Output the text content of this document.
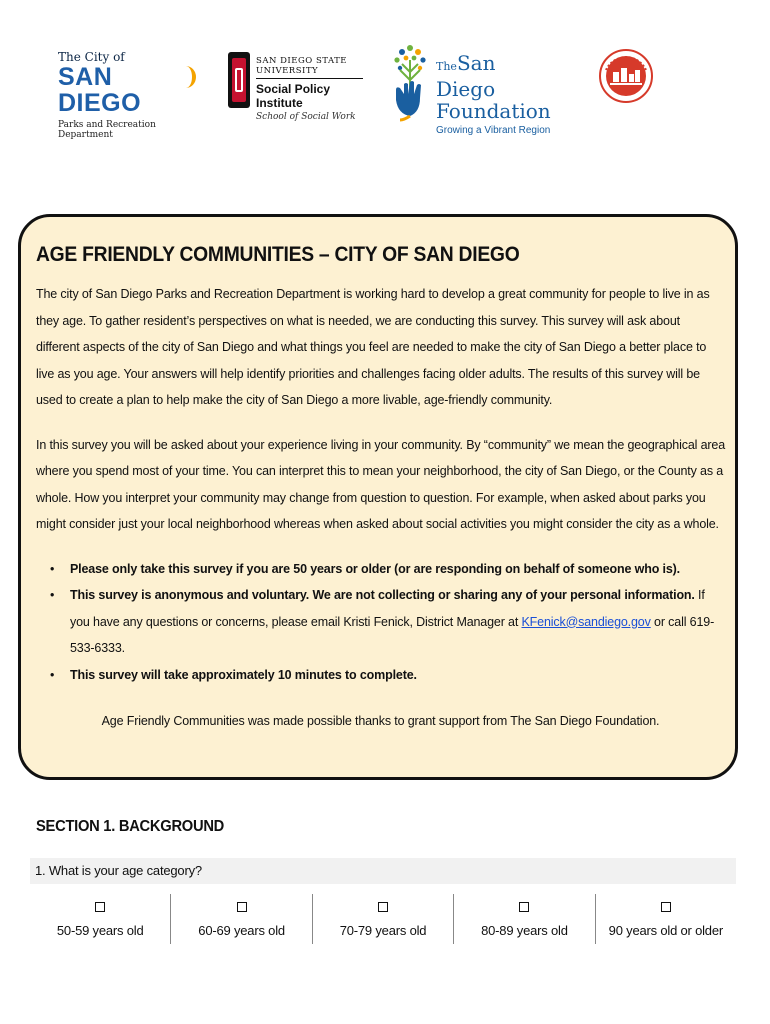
The City of
SAN DIEGO
Parks and Recreation Department
SAN DIEGO STATE UNIVERSITY
Social Policy Institute
School of Social Work
TheSan Diego
Foundation
Growing a Vibrant Region
AGE FRIENDLY COMMUNITIES – CITY OF SAN DIEGO

The city of San Diego Parks and Recreation Department is working hard to develop a great community for people to live in as they age. To gather resident’s perspectives on what is needed, we are conducting this survey. This survey will ask about different aspects of the city of San Diego and what things you feel are needed to make the city of San Diego a better place to live as you age. Your answers will help identify priorities and challenges facing older adults. The results of this survey will be used to create a plan to help make the city of San Diego a more livable, age-friendly community.

In this survey you will be asked about your experience living in your community. By “community” we mean the geographical area where you spend most of your time. You can interpret this to mean your neighborhood, the city of San Diego, or the County as a whole. How you interpret your community may change from question to question. For example, when asked about parks you might consider just your local neighborhood whereas when asked about social activities you might consider the city as a whole.

• Please only take this survey if you are 50 years or older (or are responding on behalf of someone who is).
• This survey is anonymous and voluntary. We are not collecting or sharing any of your personal information. If you have any questions or concerns, please email Kristi Fenick, District Manager at KFenick@sandiego.gov or call 619-533-6333.
• This survey will take approximately 10 minutes to complete.
Age Friendly Communities was made possible thanks to grant support from The San Diego Foundation.
SECTION 1. BACKGROUND
1. What is your age category?
50-59 years old	60-69 years old	70-79 years old	80-89 years old	90 years old or older
